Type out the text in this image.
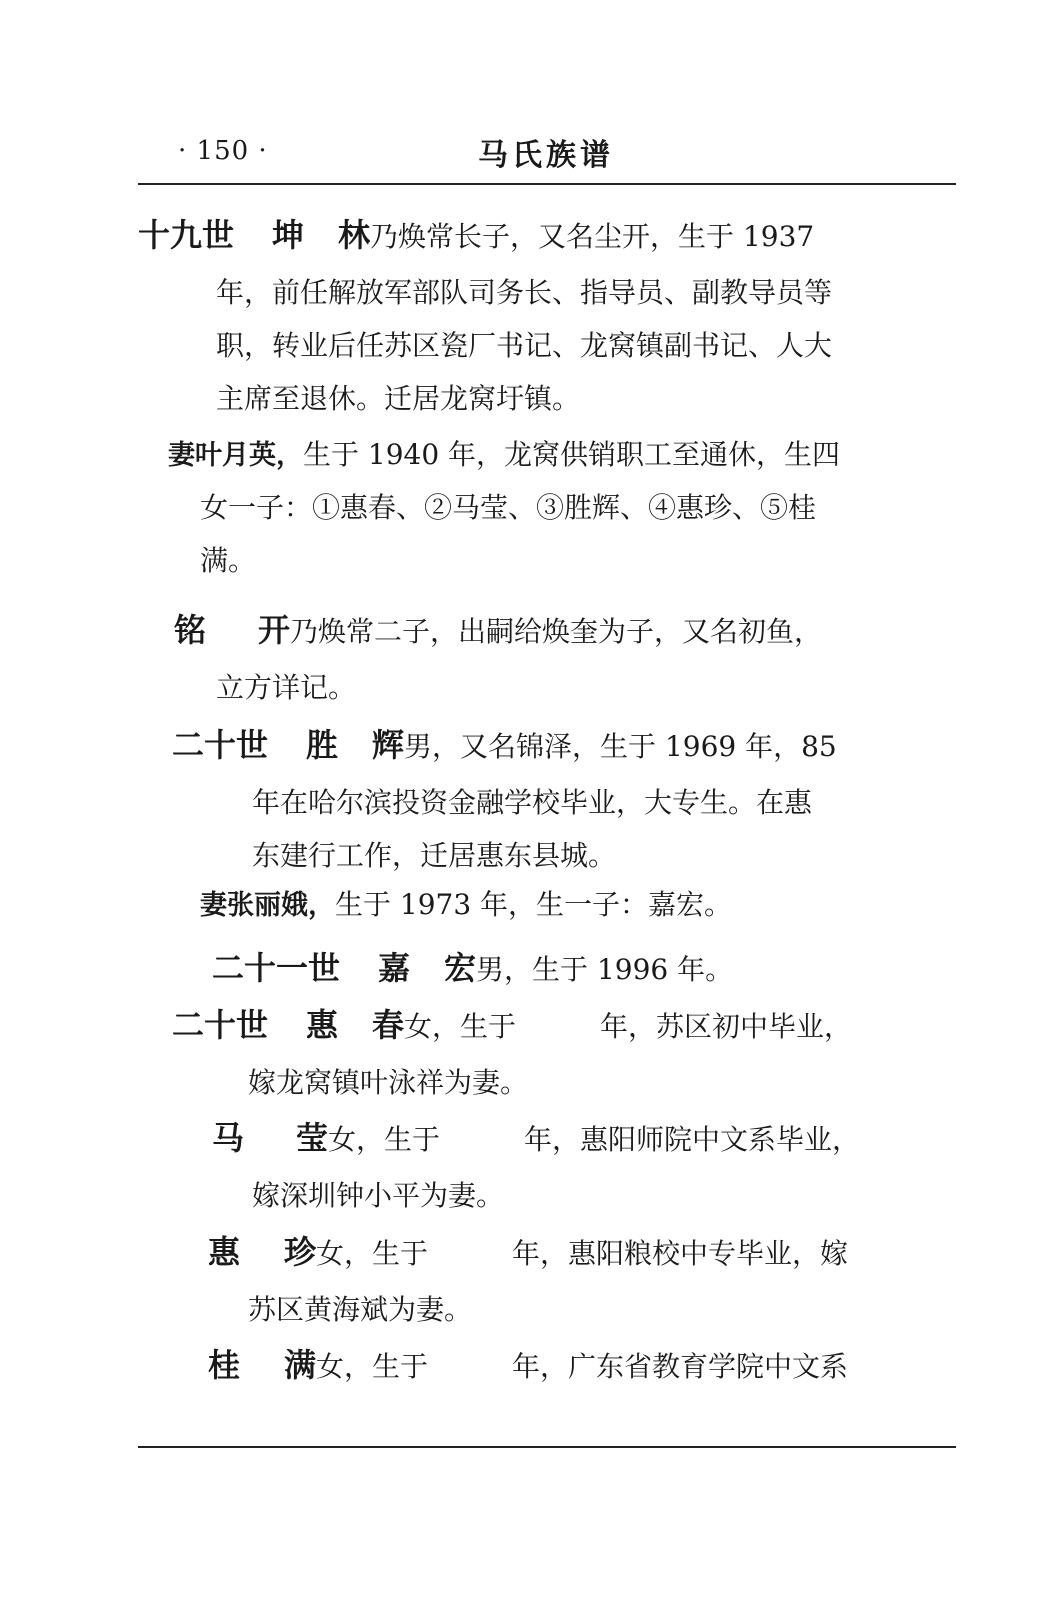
· 150 ·	马氏族谱
十九世 坤 林乃焕常长子，又名尘开，生于 1937
年，前任解放军部队司务长、指导员、副教导员等
职，转业后任苏区瓷厂书记、龙窝镇副书记、人大
主席至退休。迁居龙窝圩镇。
妻叶月英，生于 1940 年，龙窝供销职工至通休，生四
女一子：①惠春、②马莹、③胜辉、④惠珍、⑤桂
满。
铭 开乃焕常二子，出嗣给焕奎为子，又名初鱼，
立方详记。
二十世 胜 辉男，又名锦泽，生于 1969 年，85
年在哈尔滨投资金融学校毕业，大专生。在惠
东建行工作，迁居惠东县城。
妻张丽娥，生于 1973 年，生一子：嘉宏。
二十一世 嘉 宏男，生于 1996 年。
二十世 惠 春女，生于　　　年，苏区初中毕业，
嫁龙窝镇叶泳祥为妻。
马 莹女，生于　　　年，惠阳师院中文系毕业，
嫁深圳钟小平为妻。
惠 珍女，生于　　　年，惠阳粮校中专毕业，嫁
苏区黄海斌为妻。
桂 满女，生于　　　年，广东省教育学院中文系
